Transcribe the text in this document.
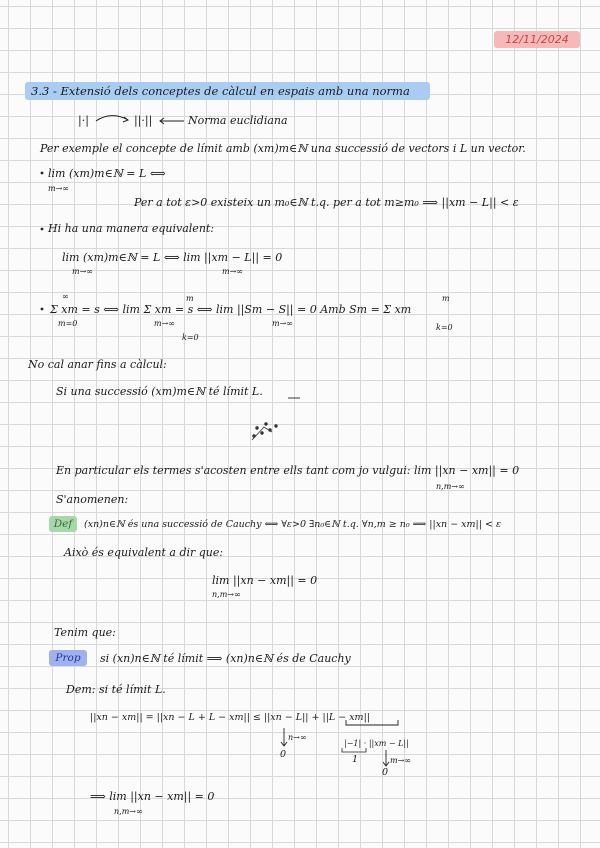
12/11/2024
3.3 - Extensió dels conceptes de càlcul en espais amb una norma
|·|	||·||	Norma euclidiana
Per exemple el concepte de límit amb (xm)m∈ℕ una successió de vectors i L un vector.
lim (xm)m∈ℕ = L ⟺
m→∞
Per a tot ε>0 existeix un m₀∈ℕ t.q. per a tot m≥m₀ ⟹ ||xm − L|| < ε
Hi ha una manera equivalent:
lim (xm)m∈ℕ = L ⟺ lim ||xm − L|| = 0
m→∞	m→∞
∞
Σ xm = s ⟺ lim Σ xm = s ⟺ lim ||Sm − S|| = 0 Amb Sm = Σ xm
m=0	m→∞
m
k=0
m→∞
m
k=0
No cal anar fins a càlcul:
Si una successió (xm)m∈ℕ té límit L.
En particular els termes s'acosten entre ells tant com jo vulgui: lim ||xn − xm|| = 0
n,m→∞
S'anomenen:
Def	(xn)n∈ℕ és una successió de Cauchy ⟺ ∀ε>0 ∃n₀∈ℕ t.q. ∀n,m ≥ n₀ ⟹ ||xn − xm|| < ε
Això és equivalent a dir que:
lim ||xn − xm|| = 0
n,m→∞
Tenim que:
Prop	si (xn)n∈ℕ té límit ⟹ (xn)n∈ℕ és de Cauchy
Dem: si té límit L.
||xn − xm|| = ||xn − L + L − xm|| ≤ ||xn − L|| + ||L − xm||
n→∞
0
|−1| · ||xm − L||
1	m→∞
0
⟹ lim ||xn − xm|| = 0
n,m→∞
